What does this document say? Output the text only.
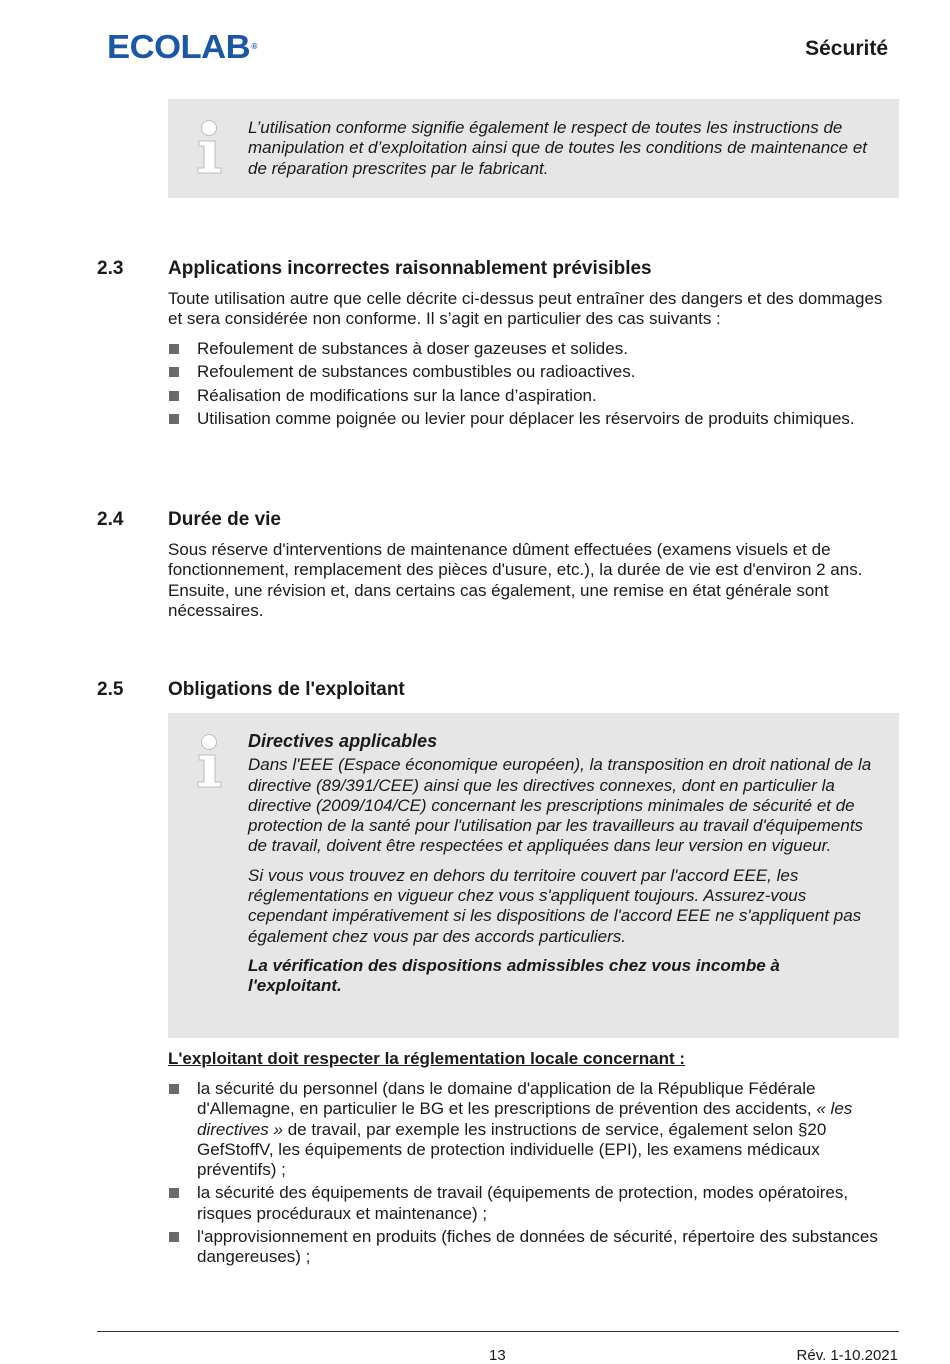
ECOLAB®	Sécurité
L’utilisation conforme signifie également le respect de toutes les instructions de manipulation et d’exploitation ainsi que de toutes les conditions de maintenance et de réparation prescrites par le fabricant.
2.3 Applications incorrectes raisonnablement prévisibles
Toute utilisation autre que celle décrite ci-dessus peut entraîner des dangers et des dommages et sera considérée non conforme. Il s’agit en particulier des cas suivants :
Refoulement de substances à doser gazeuses et solides.
Refoulement de substances combustibles ou radioactives.
Réalisation de modifications sur la lance d’aspiration.
Utilisation comme poignée ou levier pour déplacer les réservoirs de produits chimiques.
2.4 Durée de vie
Sous réserve d'interventions de maintenance dûment effectuées (examens visuels et de fonctionnement, remplacement des pièces d'usure, etc.), la durée de vie est d'environ 2 ans. Ensuite, une révision et, dans certains cas également, une remise en état générale sont nécessaires.
2.5 Obligations de l'exploitant

Directives applicables

Dans l'EEE (Espace économique européen), la transposition en droit national de la directive (89/391/CEE) ainsi que les directives connexes, dont en particulier la directive (2009/104/CE) concernant les prescriptions minimales de sécurité et de protection de la santé pour l'utilisation par les travailleurs au travail d'équipements de travail, doivent être respectées et appliquées dans leur version en vigueur.

Si vous vous trouvez en dehors du territoire couvert par l'accord EEE, les réglementations en vigueur chez vous s'appliquent toujours. Assurez-vous cependant impérativement si les dispositions de l'accord EEE ne s'appliquent pas également chez vous par des accords particuliers.

La vérification des dispositions admissibles chez vous incombe à l'exploitant.

L'exploitant doit respecter la réglementation locale concernant :
la sécurité du personnel (dans le domaine d'application de la République Fédérale d'Allemagne, en particulier le BG et les prescriptions de prévention des accidents, « les directives » de travail, par exemple les instructions de service, également selon §20 GefStoffV, les équipements de protection individuelle (EPI), les examens médicaux préventifs) ;
la sécurité des équipements de travail (équipements de protection, modes opératoires, risques procéduraux et maintenance) ;
l'approvisionnement en produits (fiches de données de sécurité, répertoire des substances dangereuses) ;
13	Rév. 1-10.2021
